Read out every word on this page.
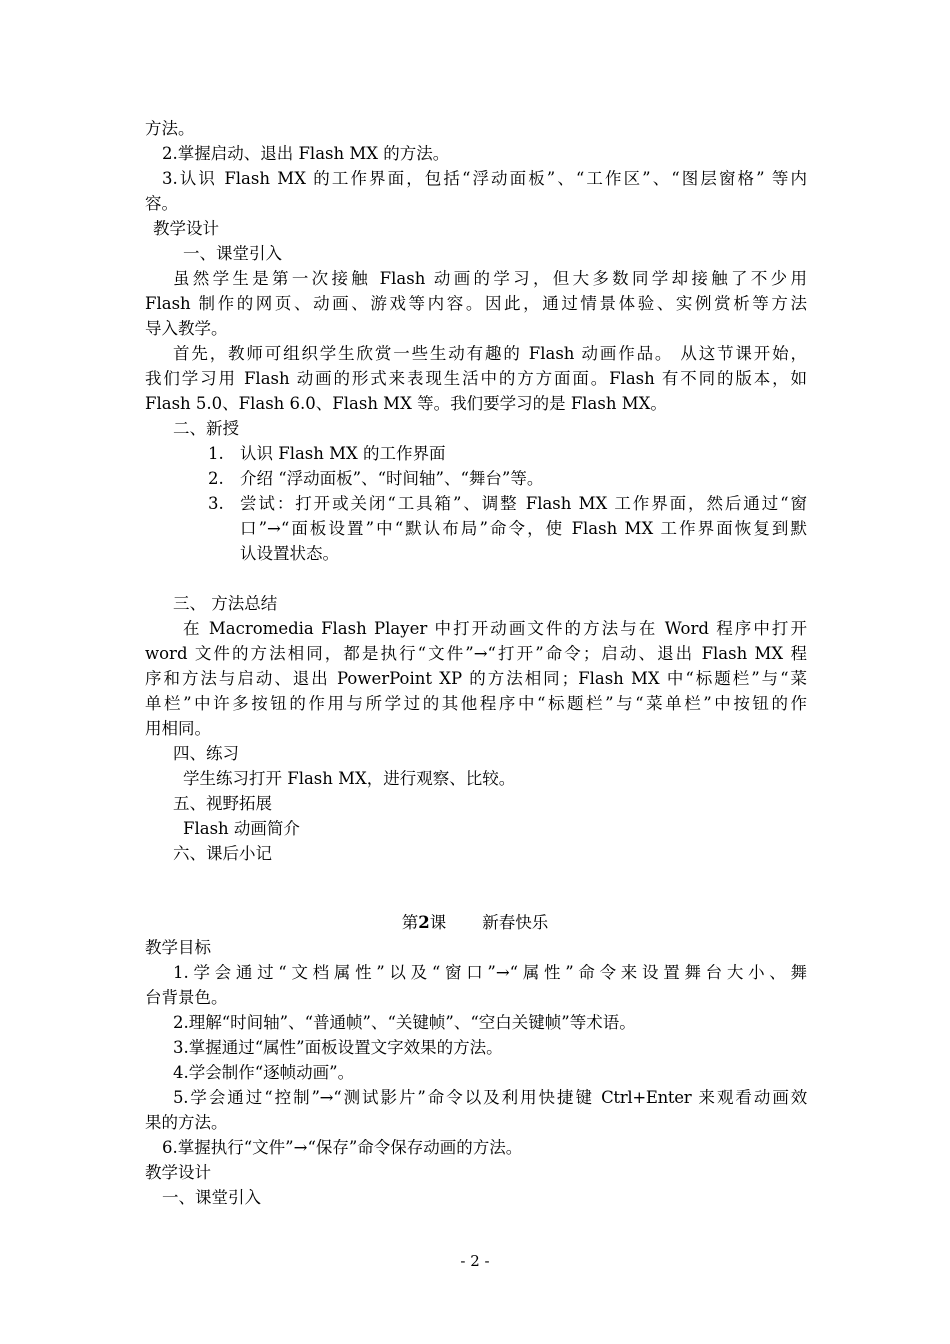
方法。
2.掌握启动、退出 Flash MX 的方法。
3.认识 Flash MX 的工作界面，包括“浮动面板”、“工作区”、“图层窗格” 等内
容。
教学设计
一、课堂引入
虽然学生是第一次接触 Flash 动画的学习，但大多数同学却接触了不少用
Flash 制作的网页、动画、游戏等内容。因此，通过情景体验、实例赏析等方法
导入教学。
首先，教师可组织学生欣赏一些生动有趣的 Flash 动画作品。 从这节课开始，
我们学习用 Flash 动画的形式来表现生活中的方方面面。Flash 有不同的版本，如
Flash 5.0、Flash 6.0、Flash MX 等。我们要学习的是 Flash MX。
二、新授
1. 认识 Flash MX 的工作界面
2. 介绍 “浮动面板”、“时间轴”、“舞台”等。
3. 尝试：打开或关闭“工具箱”、调整 Flash MX 工作界面，然后通过“窗
口”→“面板设置”中“默认布局”命令，使 Flash MX 工作界面恢复到默
认设置状态。
三、 方法总结
在 Macromedia Flash Player 中打开动画文件的方法与在 Word 程序中打开
word 文件的方法相同，都是执行“文件”→“打开”命令；启动、退出 Flash MX 程
序和方法与启动、退出 PowerPoint XP 的方法相同；Flash MX 中“标题栏”与“菜
单栏”中许多按钮的作用与所学过的其他程序中“标题栏”与“菜单栏”中按钮的作
用相同。
四、练习
学生练习打开 Flash MX，进行观察、比较。
五、视野拓展
Flash 动画简介
六、课后小记
第2课 新春快乐
教学目标
1.学会通过“文档属性”以及“窗口”→“属性”命令来设置舞台大小、舞
台背景色。
2.理解“时间轴”、“普通帧”、“关键帧”、“空白关键帧”等术语。
3.掌握通过“属性”面板设置文字效果的方法。
4.学会制作“逐帧动画”。
5.学会通过“控制”→“测试影片”命令以及利用快捷键 Ctrl+Enter 来观看动画效
果的方法。
6.掌握执行“文件”→“保存”命令保存动画的方法。
教学设计
一、课堂引入
- 2 -
